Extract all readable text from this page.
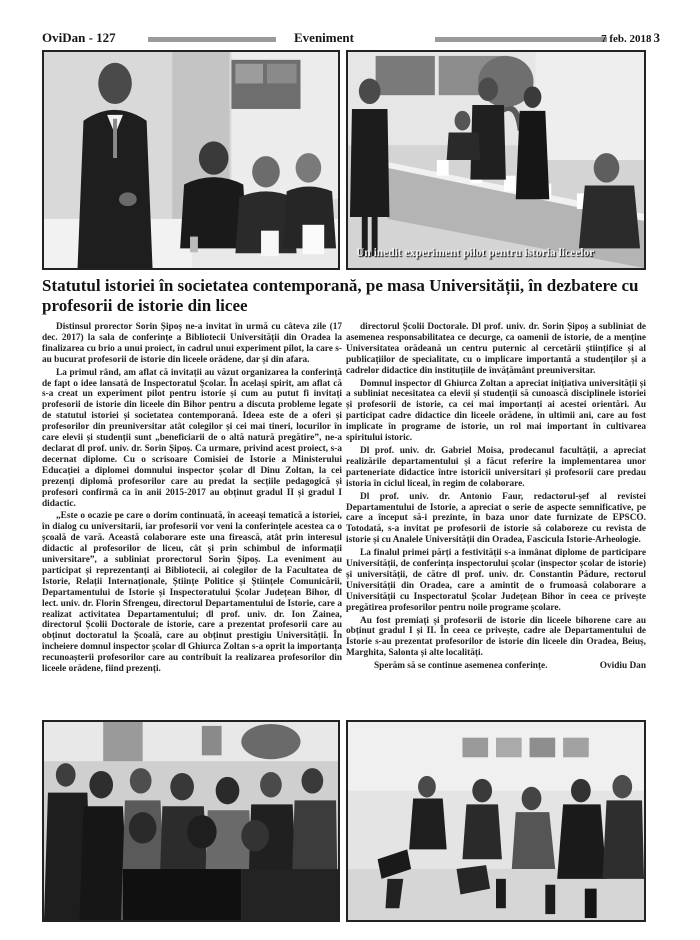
OviDan - 127	Eveniment	7 feb. 2018 3
Un inedit experiment pilot pentru istoria liceelor
Statutul istoriei în societatea contemporană, pe masa Universității, în dezbatere cu profesorii de istorie din licee

Distinsul prorector Sorin Șipoș ne-a invitat în urmă cu câteva zile (17 dec. 2017) la sala de conferințe a Bibliotecii Universității din Oradea la finalizarea cu brio a unui proiect, în cadrul unui experiment pilot, la care s-au bucurat profesorii de istorie din liceele orădene, dar și din afara.

La primul rând, am aflat că invitații au văzut organizarea la conferință de fapt o idee lansată de Inspectoratul Școlar. În același spirit, am aflat că s-a creat un experiment pilot pentru istorie și cum au putut fi invitați profesorii de istorie din liceele din Bihor pentru a discuta probleme legate de statutul istoriei și societatea contemporană. Ideea este de a oferi și profesorilor din preuniversitar atât colegilor și cei mai tineri, locurilor în care elevii și studenții sunt „beneficiarii de o altă natură pregătire”, ne-a declarat dl prof. univ. dr. Sorin Șipoș. Ca urmare, privind acest proiect, s-a decernat diplome. Cu o scrisoare Comisiei de Istorie a Ministerului Educației a diplomei domnului inspector școlar dl Dinu Zoltan, la cei prezenți diplomă profesorilor care au predat la secțiile pedagogică și profesori confirmă ca în anii 2015-2017 au obținut gradul II și gradul I didactic.

„Este o ocazie pe care o dorim continuată, în aceeași tematică a istoriei, în dialog cu universitarii, iar profesorii vor veni la conferințele acestea ca o școală de vară. Această colaborare este una firească, atât prin interesul didactic al profesorilor de liceu, cât și prin schimbul de informații universitare”, a subliniat prorectorul Sorin Șipoș. La eveniment au participat și reprezentanți ai Bibliotecii, ai colegilor de la Facultatea de Istorie, Relații Internaționale, Științe Politice și Științele Comunicării, Departamentului de Istorie și Inspectoratului Școlar Județean Bihor, dl lect. univ. dr. Florin Sfrengeu, directorul Departamentului de Istorie, care a realizat activitatea Departamentului; dl prof. univ. dr. Ion Zainea, directorul Școlii Doctorale de istorie, care a prezentat profesorii care au obținut doctoratul la Școală, care au obținut prestigiu Universității. În încheiere domnul inspector școlar dl Ghiurca Zoltan s-a oprit la importanța recunoașterii profesorilor care au contribuit la realizarea profesorilor din liceele orădene, fiind prezenți.

directorul Școlii Doctorale. Dl prof. univ. dr. Sorin Șipoș a subliniat de asemenea responsabilitatea ce decurge, ca oamenii de istorie, de a menține Universitatea orădeană un centru puternic al cercetării științifice și al publicațiilor de specialitate, cu o implicare importantă a studenților și a cadrelor didactice din instituțiile de învățământ preuniversitar.

Domnul inspector dl Ghiurca Zoltan a apreciat inițiativa universității și a subliniat necesitatea ca elevii și studenții să cunoască disciplinele istoriei și profesorii de istorie, ca cei mai importanți ai acestei orientări. Au participat cadre didactice din liceele orădene, în ultimii ani, care au fost implicate în programe de istorie, un rol mai important în cultivarea spiritului istoric.

Dl prof. univ. dr. Gabriel Moisa, prodecanul facultății, a apreciat realizările departamentului și a făcut referire la implementarea unor parteneriate didactice între istoricii universitari și profesorii care predau istoria în ciclul liceal, în regim de colaborare.

Dl prof. univ. dr. Antonio Faur, redactorul-șef al revistei Departamentului de Istorie, a apreciat o serie de aspecte semnificative, pe care a început să-i prezinte, în baza unor date furnizate de EPSCO. Totodată, s-a invitat pe profesorii de istorie să colaboreze cu revista de istorie și cu Analele Universității din Oradea, Fascicula Istorie-Arheologie.

La finalul primei părți a festivității s-a înmânat diplome de participare Universității, de conferința inspectorului școlar (inspector școlar de istorie) și universității, de către dl prof. univ. dr. Constantin Pădure, rectorul Universității din Oradea, care a amintit de o frumoasă colaborare a Universității cu Inspectoratul Școlar Județean Bihor în ceea ce privește pregătirea profesorilor pentru noile programe școlare.

Au fost premiați și profesorii de istorie din liceele bihorene care au obținut gradul I și II. În ceea ce privește, cadre ale Departamentului de Istorie s-au prezentat profesorilor de istorie din liceele din Oradea, Beiuș, Marghita, Salonta și alte localități.

Sperăm să se continue asemenea conferințe.	Ovidiu Dan
